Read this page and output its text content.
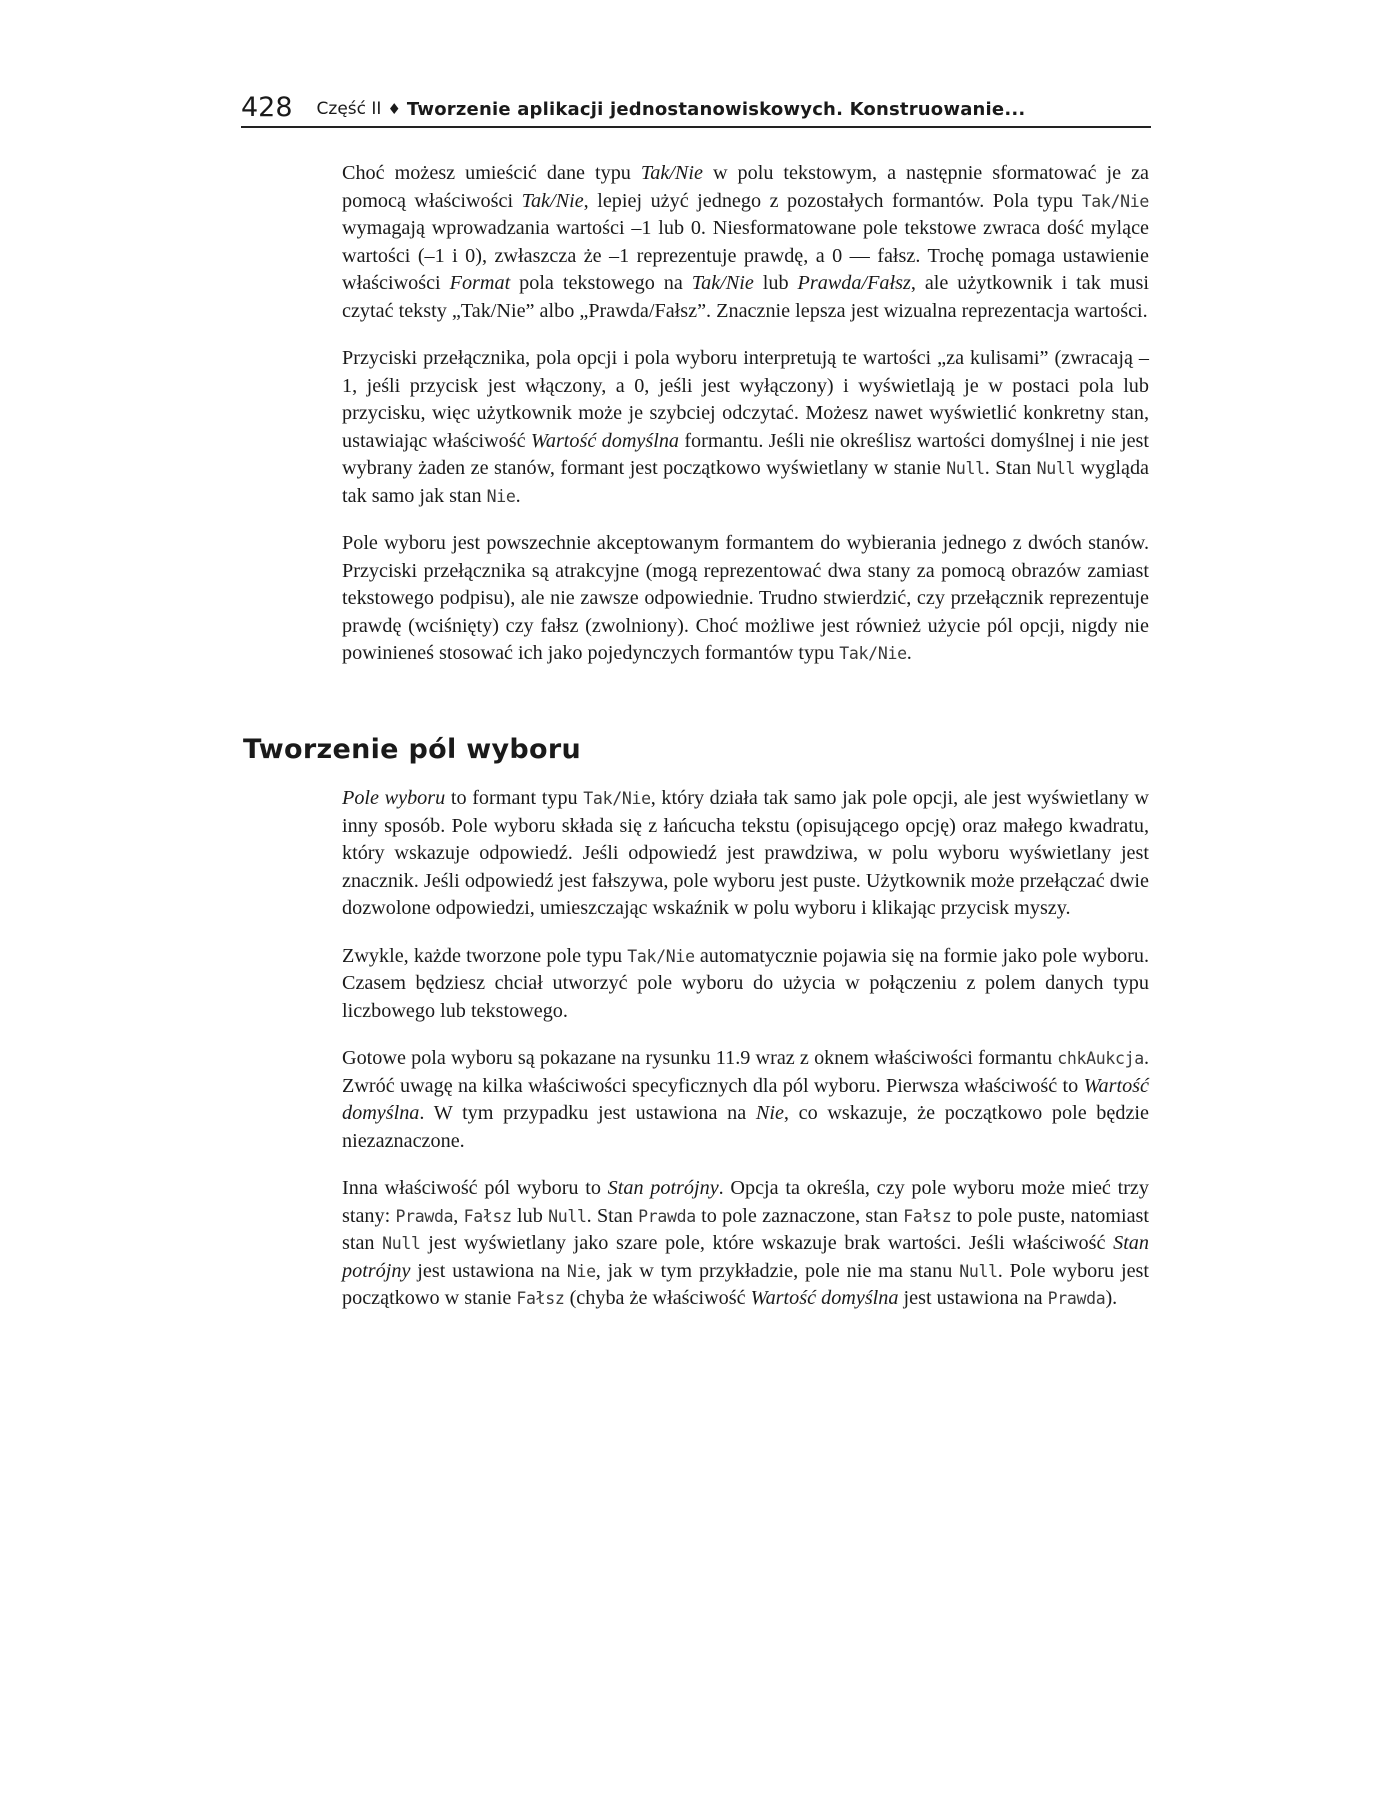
428 Część II ♦ Tworzenie aplikacji jednostanowiskowych. Konstruowanie...

Choć możesz umieścić dane typu Tak/Nie w polu tekstowym, a następnie sformatować je za pomocą właściwości Tak/Nie, lepiej użyć jednego z pozostałych formantów. Pola typu Tak/Nie wymagają wprowadzania wartości –1 lub 0. Niesformatowane pole tekstowe zwraca dość mylące wartości (–1 i 0), zwłaszcza że –1 reprezentuje prawdę, a 0 — fałsz. Trochę pomaga ustawienie właściwości Format pola tekstowego na Tak/Nie lub Prawda/Fałsz, ale użytkownik i tak musi czytać teksty „Tak/Nie” albo „Prawda/Fałsz”. Znacznie lepsza jest wizualna reprezentacja wartości.

Przyciski przełącznika, pola opcji i pola wyboru interpretują te wartości „za kulisami” (zwracają –1, jeśli przycisk jest włączony, a 0, jeśli jest wyłączony) i wyświetlają je w postaci pola lub przycisku, więc użytkownik może je szybciej odczytać. Możesz nawet wyświetlić konkretny stan, ustawiając właściwość Wartość domyślna formantu. Jeśli nie określisz wartości domyślnej i nie jest wybrany żaden ze stanów, formant jest początkowo wyświetlany w stanie Null. Stan Null wygląda tak samo jak stan Nie.

Pole wyboru jest powszechnie akceptowanym formantem do wybierania jednego z dwóch stanów. Przyciski przełącznika są atrakcyjne (mogą reprezentować dwa stany za pomocą obrazów zamiast tekstowego podpisu), ale nie zawsze odpowiednie. Trudno stwierdzić, czy przełącznik reprezentuje prawdę (wciśnięty) czy fałsz (zwolniony). Choć możliwe jest również użycie pól opcji, nigdy nie powinieneś stosować ich jako pojedynczych formantów typu Tak/Nie.

Tworzenie pól wyboru

Pole wyboru to formant typu Tak/Nie, który działa tak samo jak pole opcji, ale jest wyświetlany w inny sposób. Pole wyboru składa się z łańcucha tekstu (opisującego opcję) oraz małego kwadratu, który wskazuje odpowiedź. Jeśli odpowiedź jest prawdziwa, w polu wyboru wyświetlany jest znacznik. Jeśli odpowiedź jest fałszywa, pole wyboru jest puste. Użytkownik może przełączać dwie dozwolone odpowiedzi, umieszczając wskaźnik w polu wyboru i klikając przycisk myszy.

Zwykle, każde tworzone pole typu Tak/Nie automatycznie pojawia się na formie jako pole wyboru. Czasem będziesz chciał utworzyć pole wyboru do użycia w połączeniu z polem danych typu liczbowego lub tekstowego.

Gotowe pola wyboru są pokazane na rysunku 11.9 wraz z oknem właściwości formantu chkAukcja. Zwróć uwagę na kilka właściwości specyficznych dla pól wyboru. Pierwsza właściwość to Wartość domyślna. W tym przypadku jest ustawiona na Nie, co wskazuje, że początkowo pole będzie niezaznaczone.

Inna właściwość pól wyboru to Stan potrójny. Opcja ta określa, czy pole wyboru może mieć trzy stany: Prawda, Fałsz lub Null. Stan Prawda to pole zaznaczone, stan Fałsz to pole puste, natomiast stan Null jest wyświetlany jako szare pole, które wskazuje brak wartości. Jeśli właściwość Stan potrójny jest ustawiona na Nie, jak w tym przykładzie, pole nie ma stanu Null. Pole wyboru jest początkowo w stanie Fałsz (chyba że właściwość Wartość domyślna jest ustawiona na Prawda).
